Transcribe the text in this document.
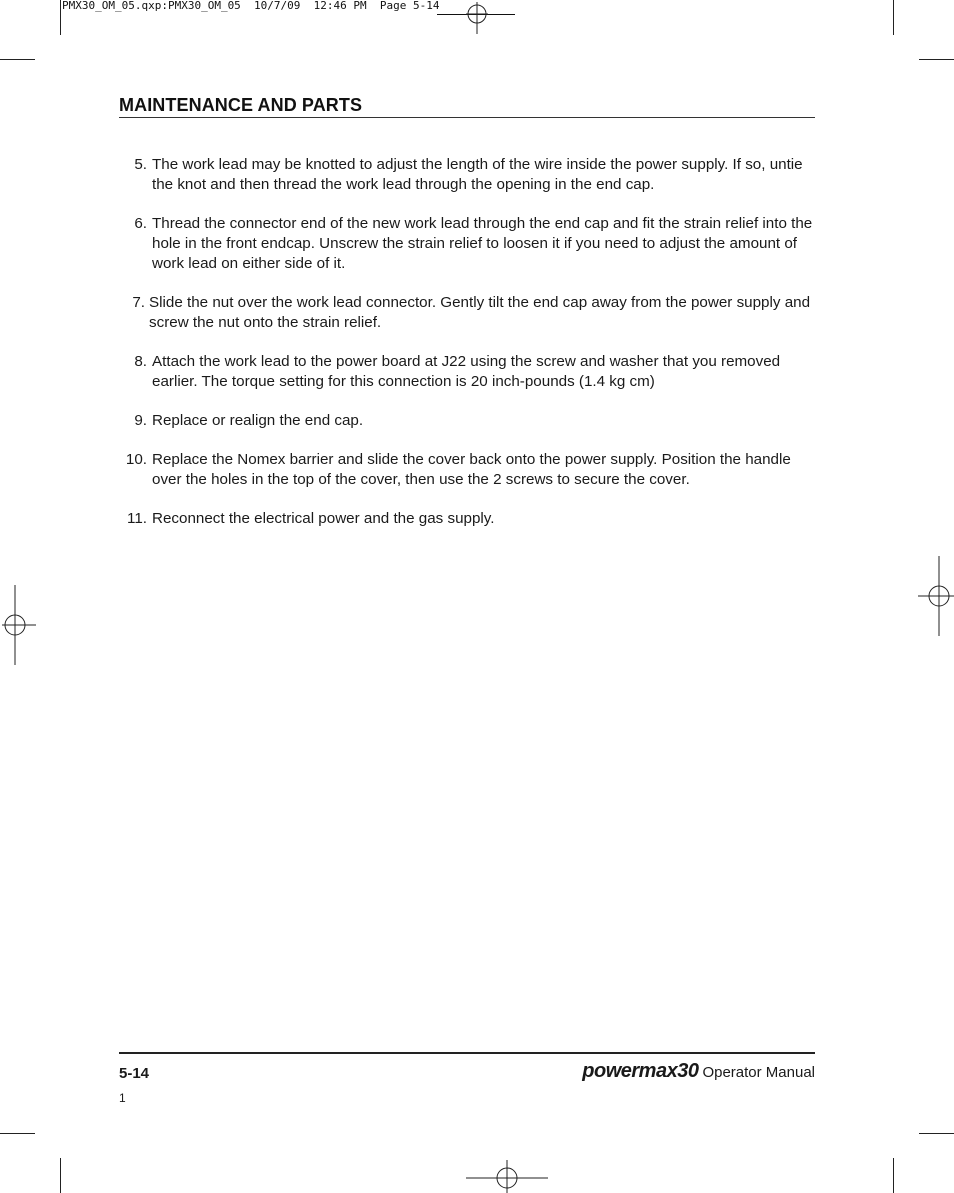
PMX30_OM_05.qxp:PMX30_OM_05  10/7/09  12:46 PM  Page 5-14
MAINTENANCE AND PARTS
5. The work lead may be knotted to adjust the length of the wire inside the power supply. If so, untie the knot and then thread the work lead through the opening in the end cap.
6. Thread the connector end of the new work lead through the end cap and fit the strain relief into the hole in the front endcap. Unscrew the strain relief to loosen it if you need to adjust the amount of work lead on either side of it.
7. Slide the nut over the work lead connector. Gently tilt the end cap away from the power supply and screw the nut onto the strain relief.
8. Attach the work lead to the power board at J22 using the screw and washer that you removed earlier. The torque setting for this connection is 20 inch-pounds (1.4 kg cm)
9. Replace or realign the end cap.
10. Replace the Nomex barrier and slide the cover back onto the power supply. Position the handle over the holes in the top of the cover, then use the 2 screws to secure the cover.
11. Reconnect the electrical power and the gas supply.
5-14
1
powermax30 Operator Manual
